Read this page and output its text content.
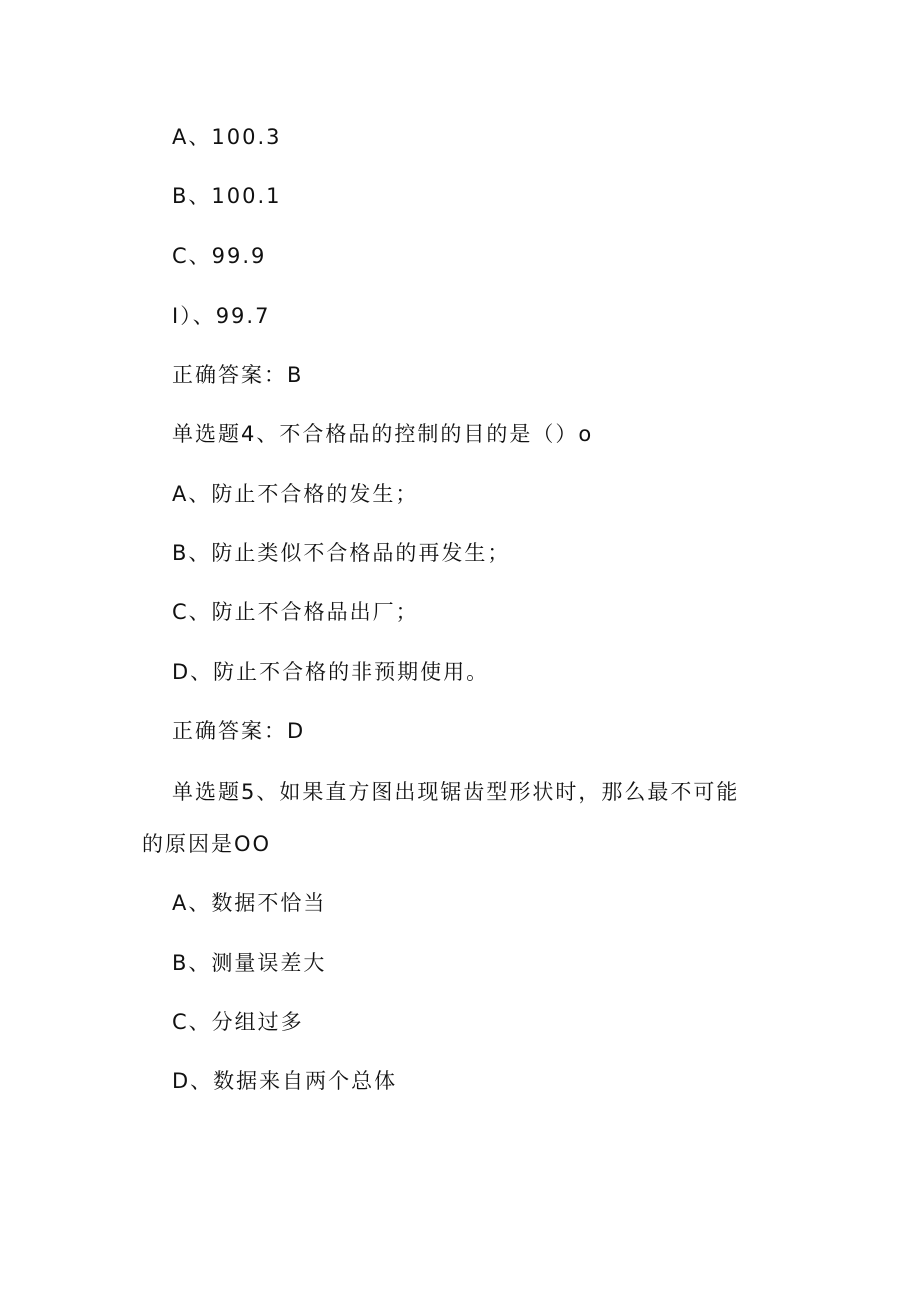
A、100.3
B、100.1
C、99.9
I）、99.7
正确答案：B
单选题4、不合格品的控制的目的是（）o
A、防止不合格的发生；
B、防止类似不合格品的再发生；
C、防止不合格品出厂；
D、防止不合格的非预期使用。
正确答案：D
单选题5、如果直方图出现锯齿型形状时，那么最不可能
的原因是OO
A、数据不恰当
B、测量误差大
C、分组过多
D、数据来自两个总体
